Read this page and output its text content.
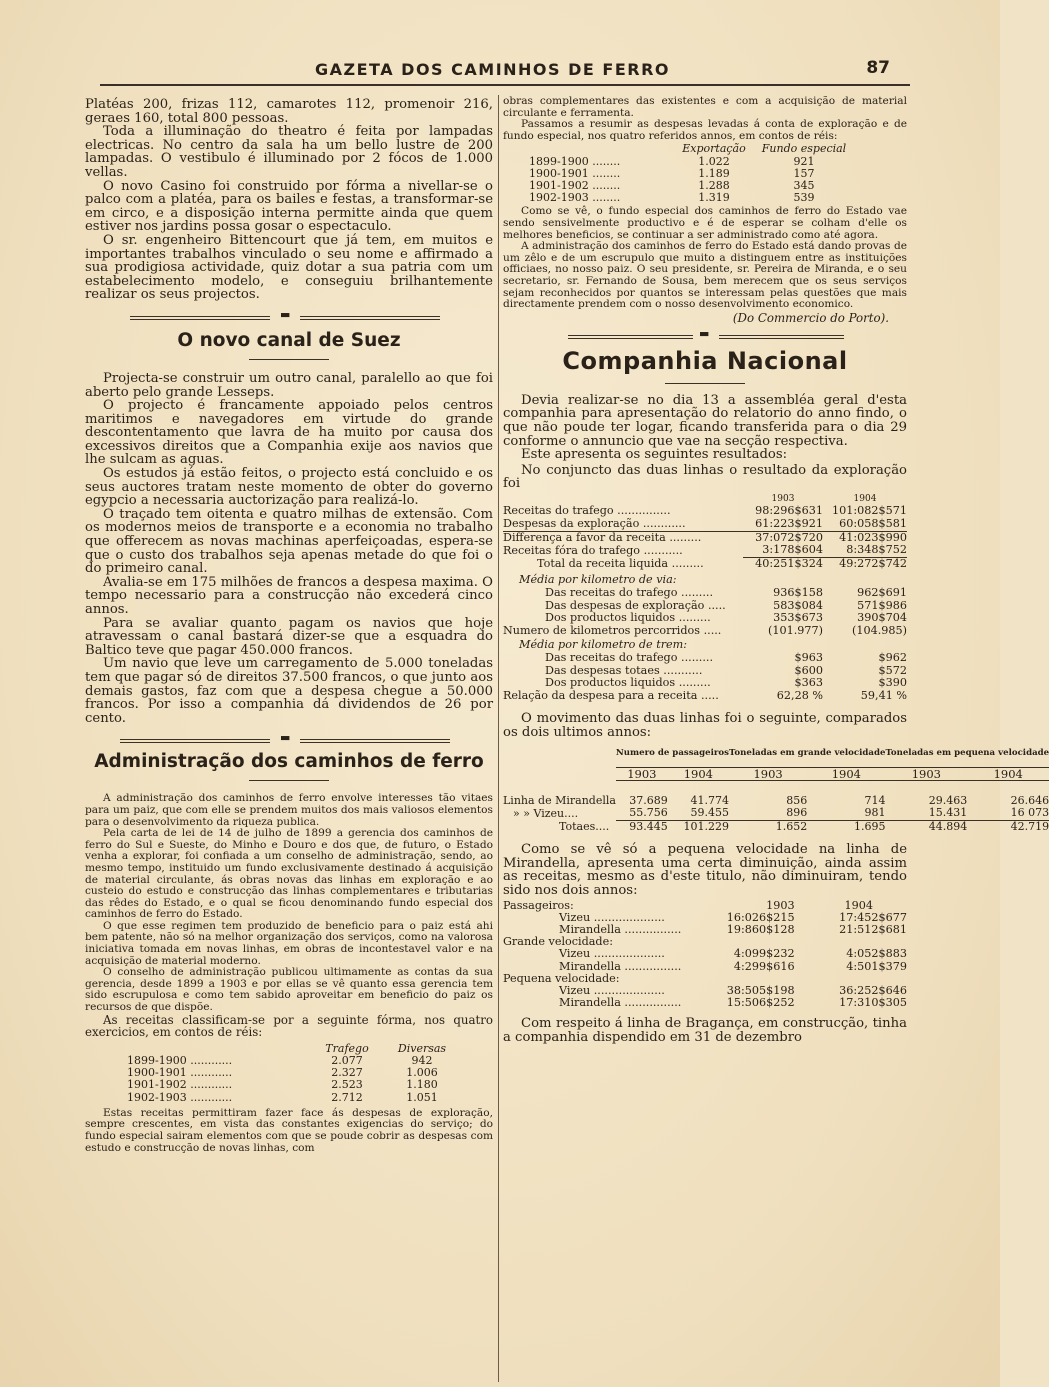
GAZETA DOS CAMINHOS DE FERRO	87

Platéas 200, frizas 112, camarotes 112, promenoir 216, geraes 160, total 800 pessoas.

Toda a illuminação do theatro é feita por lampadas electricas. No centro da sala ha um bello lustre de 200 lampadas. O vestibulo é illuminado por 2 fócos de 1.000 vellas.

O novo Casino foi construido por fórma a nivellar-se o palco com a platéa, para os bailes e festas, a transformar-se em circo, e a disposição interna permitte ainda que quem estiver nos jardins possa gosar o espectaculo.

O sr. engenheiro Bittencourt que já tem, em muitos e importantes trabalhos vinculado o seu nome e affirmado a sua prodigiosa actividade, quiz dotar a sua patria com um estabelecimento modelo, e conseguiu brilhantemente realizar os seus projectos.

▬
O novo canal de Suez

Projecta-se construir um outro canal, paralello ao que foi aberto pelo grande Lesseps.

O projecto é francamente appoiado pelos centros maritimos e navegadores em virtude do grande descontentamento que lavra de ha muito por causa dos excessivos direitos que a Companhia exije aos navios que lhe sulcam as aguas.

Os estudos já estão feitos, o projecto está concluido e os seus auctores tratam neste momento de obter do governo egypcio a necessaria auctorização para realizá-lo.

O traçado tem oitenta e quatro milhas de extensão. Com os modernos meios de transporte e a economia no trabalho que offerecem as novas machinas aperfeiçoadas, espera-se que o custo dos trabalhos seja apenas metade do que foi o do primeiro canal.

Avalia-se em 175 milhões de francos a despesa maxima. O tempo necessario para a construcção não excederá cinco annos.

Para se avaliar quanto pagam os navios que hoje atravessam o canal bastará dizer-se que a esquadra do Baltico teve que pagar 450.000 francos.

Um navio que leve um carregamento de 5.000 toneladas tem que pagar só de direitos 37.500 francos, o que junto aos demais gastos, faz com que a despesa chegue a 50.000 francos. Por isso a companhia dá dividendos de 26 por cento.

▬
Administração dos caminhos de ferro

A administração dos caminhos de ferro envolve interesses tão vitaes para um paiz, que com elle se prendem muitos dos mais valiosos elementos para o desenvolvimento da riqueza publica.

Pela carta de lei de 14 de julho de 1899 a gerencia dos caminhos de ferro do Sul e Sueste, do Minho e Douro e dos que, de futuro, o Estado venha a explorar, foi confiada a um conselho de administração, sendo, ao mesmo tempo, instituido um fundo exclusivamente destinado á acquisição de material circulante, ás obras novas das linhas em exploração e ao custeio do estudo e construcção das linhas complementares e tributarias das rêdes do Estado, e o qual se ficou denominando fundo especial dos caminhos de ferro do Estado.

O que esse regimen tem produzido de beneficio para o paiz está ahi bem patente, não só na melhor organização dos serviços, como na valorosa iniciativa tomada em novas linhas, em obras de incontestavel valor e na acquisição de material moderno.

O conselho de administração publicou ultimamente as contas da sua gerencia, desde 1899 a 1903 e por ellas se vê quanto essa gerencia tem sido escrupulosa e como tem sabido aproveitar em beneficio do paiz os recursos de que dispõe.

As receitas classificam-se por a seguinte fórma, nos quatro exercicios, em contos de réis:

	Trafego	Diversas
1899-1900 ............	2.077	942
1900-1901 ............	2.327	1.006
1901-1902 ............	2.523	1.180
1902-1903 ............	2.712	1.051

Estas receitas permittiram fazer face ás despesas de exploração, sempre crescentes, em vista das constantes exigencias do serviço; do fundo especial sairam elementos com que se poude cobrir as despesas com estudo e construcção de novas linhas, com

obras complementares das existentes e com a acquisição de material circulante e ferramenta.

Passamos a resumir as despesas levadas á conta de exploração e de fundo especial, nos quatro referidos annos, em contos de réis:

	Exportação	Fundo especial
1899-1900 ........	1.022	921
1900-1901 ........	1.189	157
1901-1902 ........	1.288	345
1902-1903 ........	1.319	539

Como se vê, o fundo especial dos caminhos de ferro do Estado vae sendo sensivelmente productivo e é de esperar se colham d'elle os melhores beneficios, se continuar a ser administrado como até agora.

A administração dos caminhos de ferro do Estado está dando provas de um zêlo e de um escrupulo que muito a distinguem entre as instituições officiaes, no nosso paiz. O seu presidente, sr. Pereira de Miranda, e o seu secretario, sr. Fernando de Sousa, bem merecem que os seus serviços sejam reconhecidos por quantos se interessam pelas questões que mais directamente prendem com o nosso desenvolvimento economico.

(Do Commercio do Porto).
▬
Companhia Nacional

Devia realizar-se no dia 13 a assembléa geral d'esta companhia para apresentação do relatorio do anno findo, o que não poude ter logar, ficando transferida para o dia 29 conforme o annuncio que vae na secção respectiva.

Este apresenta os seguintes resultados:

No conjuncto das duas linhas o resultado da exploração foi

	1903	1904
Receitas do trafego ...............	98:296$631	101:082$571
Despesas da exploração ............	61:223$921	60:058$581
Differença a favor da receita .........	37:072$720	41:023$990
Receitas fóra do trafego ...........	3:178$604	8:348$752
Total da receita liquida .........	40:251$324	49:272$742
Média por kilometro de via:		
Das receitas do trafego .........	936$158	962$691
Das despesas de exploração .....	583$084	571$986
Dos productos liquidos .........	353$673	390$704
Numero de kilometros percorridos .....	(101.977)	(104.985)
Média por kilometro de trem:		
Das receitas do trafego .........	$963	$962
Das despesas totaes ...........	$600	$572
Dos productos liquidos .........	$363	$390
Relação da despesa para a receita .....	62,28 %	59,41 %

O movimento das duas linhas foi o seguinte, comparados os dois ultimos annos:

	Numero de passageiros		Toneladas em grande velocidade		Toneladas em pequena velocidade	

	1903	1904	1903	1904	1903	1904

Linha de Mirandella	37.689	41.774	856	714	29.463	26.646
» » Vizeu....	55.756	59.455	896	981	15.431	16 073
Totaes....	93.445	101.229	1.652	1.695	44.894	42.719

Como se vê só a pequena velocidade na linha de Mirandella, apresenta uma certa diminuição, ainda assim as receitas, mesmo as d'este titulo, não diminuiram, tendo sido nos dois annos:

Passageiros:	1903	1904
Vizeu ....................	16:026$215	17:452$677
Mirandella ................	19:860$128	21:512$681
Grande velocidade:		
Vizeu ....................	4:099$232	4:052$883
Mirandella ................	4:299$616	4:501$379
Pequena velocidade:		
Vizeu ....................	38:505$198	36:252$646
Mirandella ................	15:506$252	17:310$305

Com respeito á linha de Bragança, em construcção, tinha a companhia dispendido em 31 de dezembro
